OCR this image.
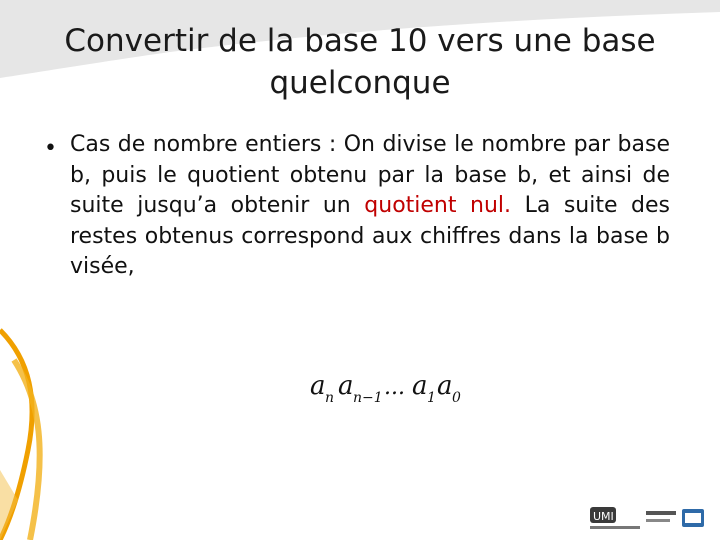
Convertir de la base 10 vers une base
quelconque
• Cas de nombre entiers : On divise le nombre par base b, puis le quotient obtenu par la base b, et ainsi de suite jusqu’a obtenir un quotient nul. La suite des restes obtenus correspond aux chiffres dans la base b visée,
a n a n−1 ... a 1 a 0
UMI
